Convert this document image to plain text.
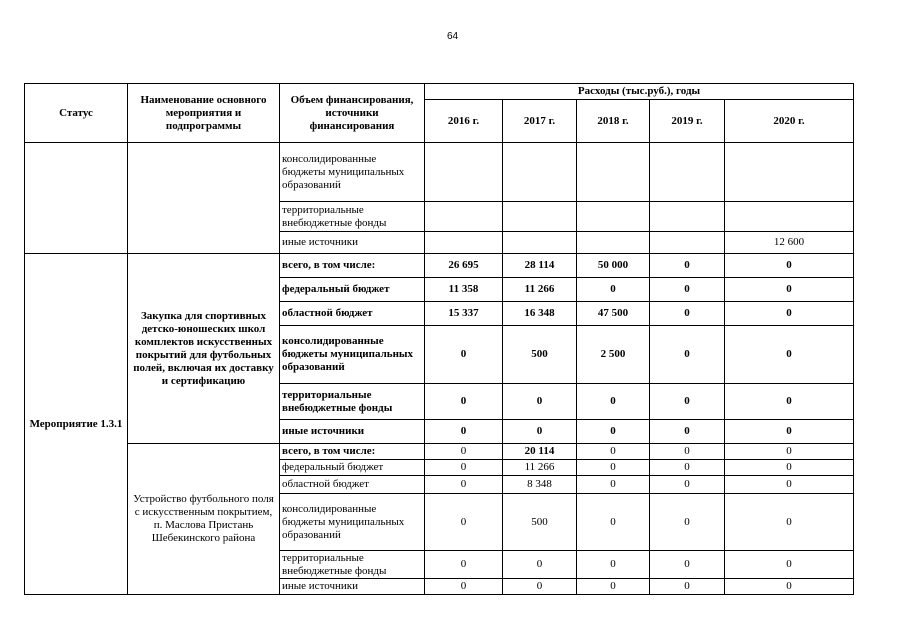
64
Статус	Наименование основного мероприятия и подпрограммы	Объем финансирования, источники финансирования	Расходы (тыс.руб.), годы				
			2016 г.	2017 г.	2018 г.	2019 г.	2020 г.
		консолидированные бюджеты муниципальных образований					
		территориальные внебюджетные фонды					
		иные источники					12 600
Мероприятие 1.3.1	Закупка для спортивных детско-юношеских школ комплектов искусственных покрытий для футбольных полей, включая их доставку и сертификацию	всего, в том числе:	26 695	28 114	50 000	0	0
		федеральный бюджет	11 358	11 266	0	0	0
		областной бюджет	15 337	16 348	47 500	0	0
		консолидированные бюджеты муниципальных образований	0	500	2 500	0	0
		территориальные внебюджетные фонды	0	0	0	0	0
		иные источники	0	0	0	0	0
	Устройство футбольного поля с искусственным покрытием, п. Маслова Пристань Шебекинского района	всего, в том числе:	0	20 114	0	0	0
		федеральный бюджет	0	11 266	0	0	0
		областной бюджет	0	8 348	0	0	0
		консолидированные бюджеты муниципальных образований	0	500	0	0	0
		территориальные внебюджетные фонды	0	0	0	0	0
		иные источники	0	0	0	0	0
